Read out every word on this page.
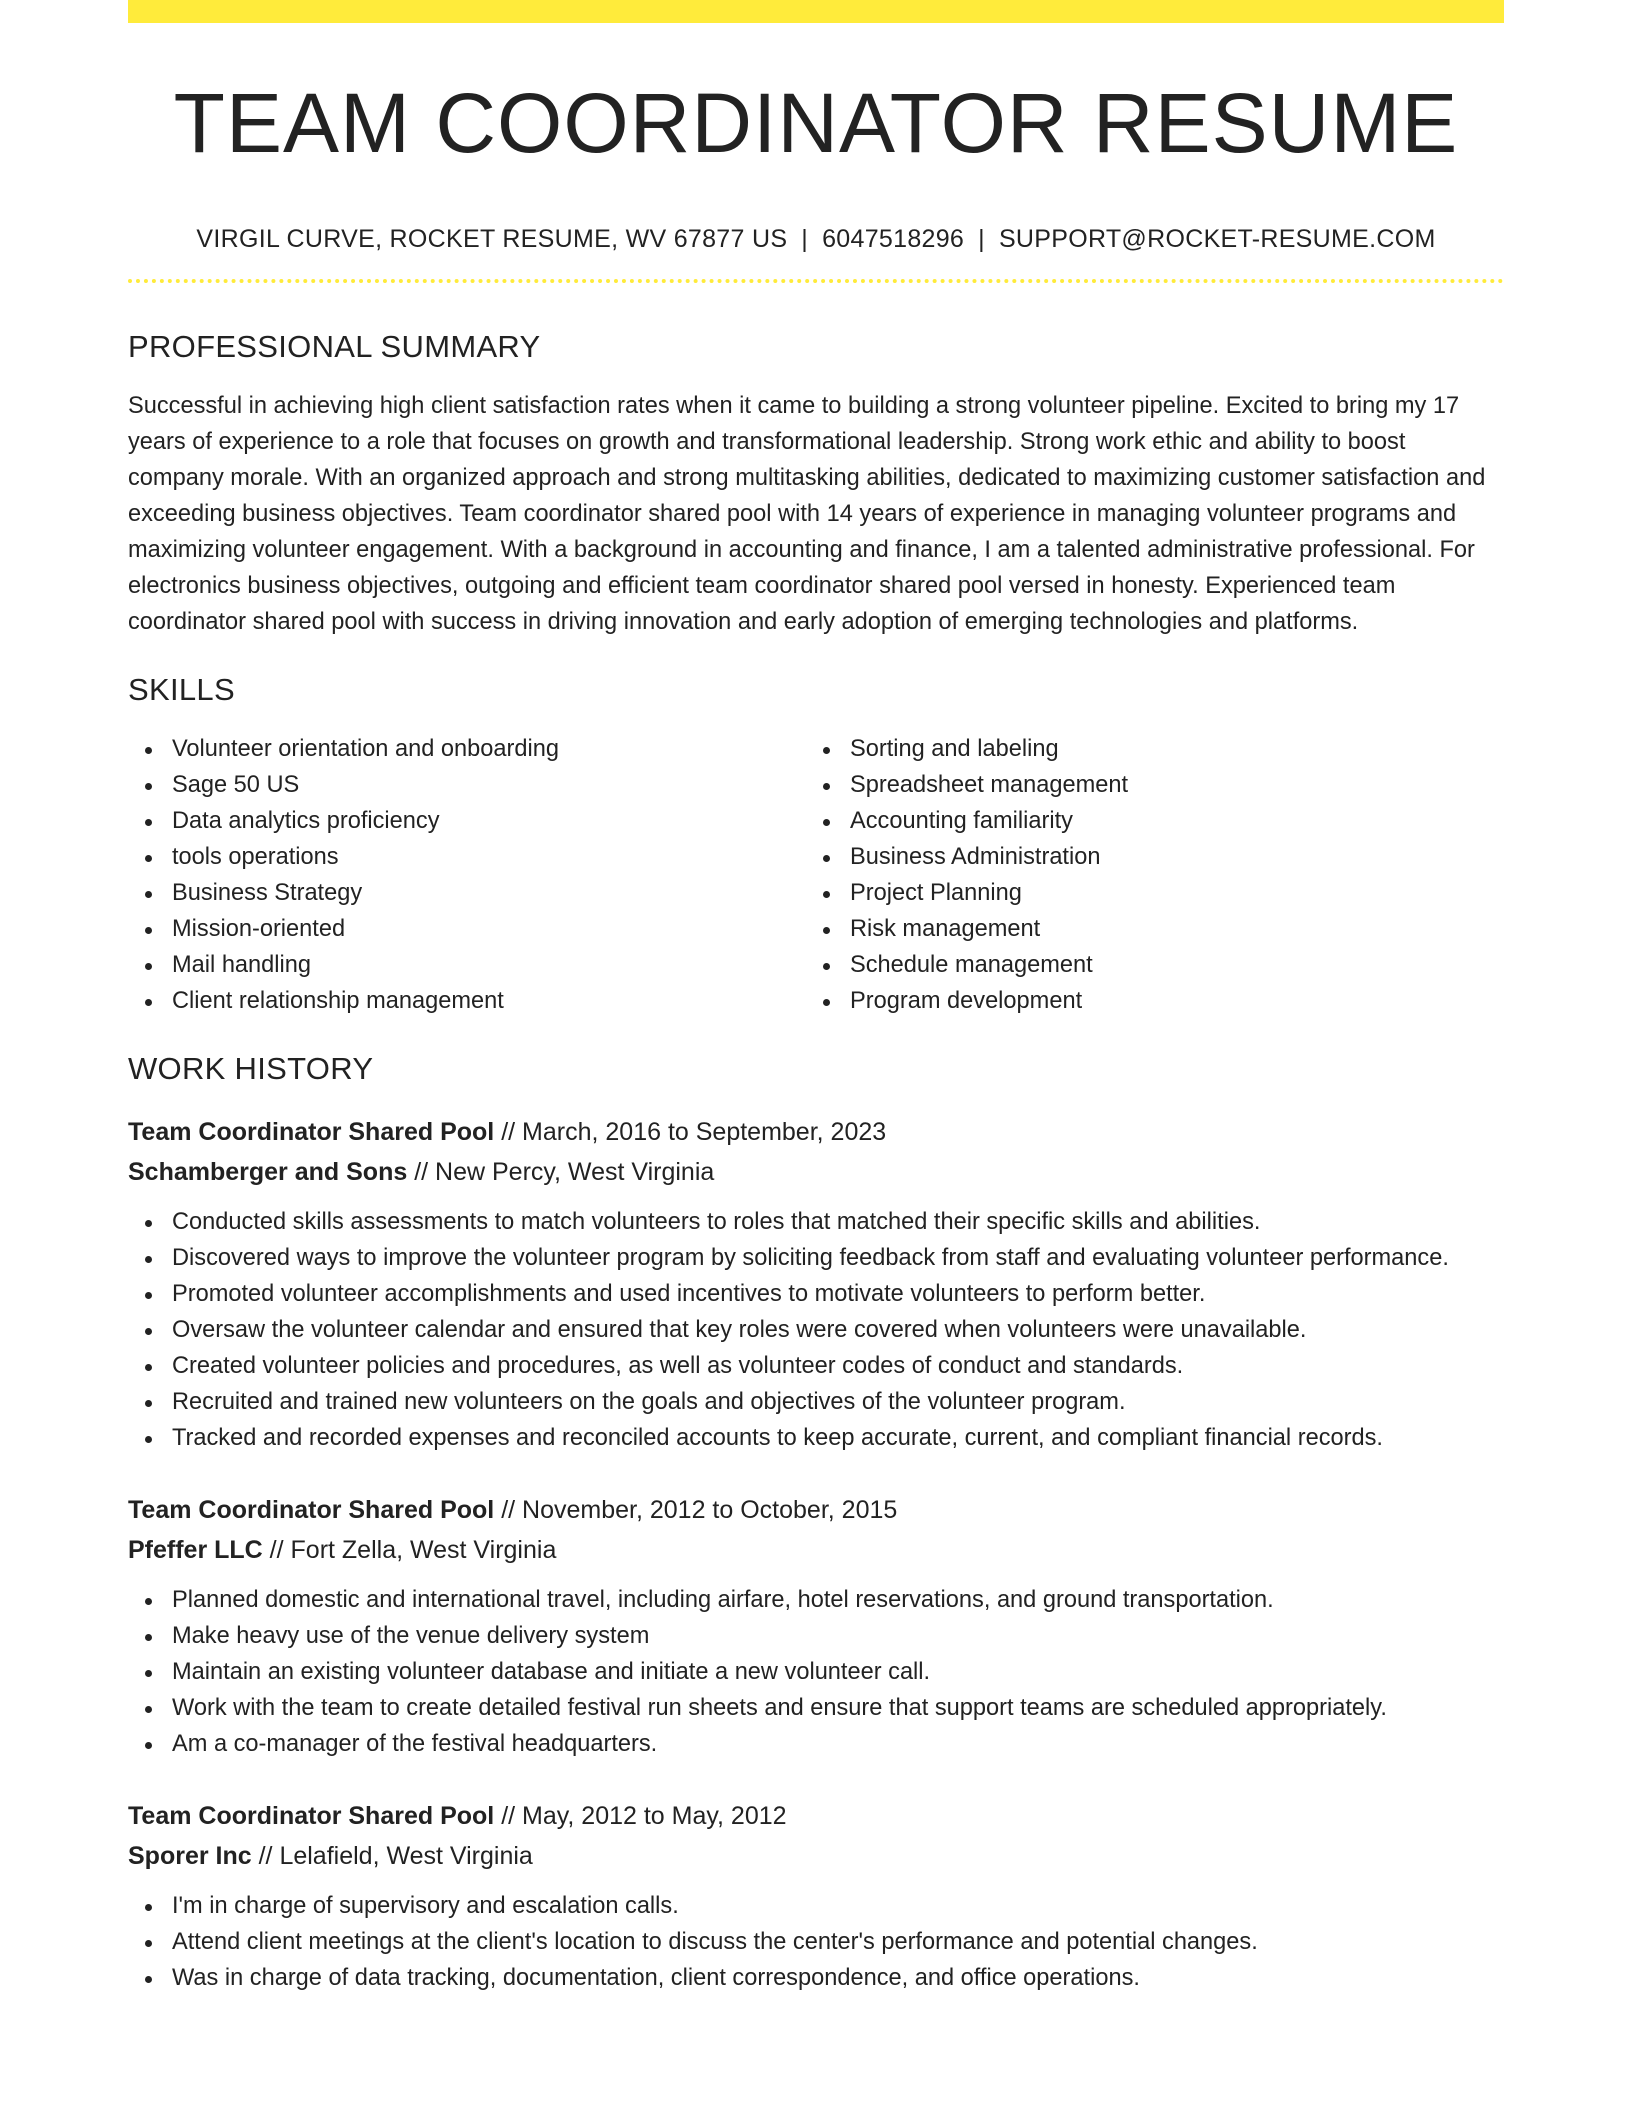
TEAM COORDINATOR RESUME
VIRGIL CURVE, ROCKET RESUME, WV 67877 US | 6047518296 | SUPPORT@ROCKET-RESUME.COM
PROFESSIONAL SUMMARY

Successful in achieving high client satisfaction rates when it came to building a strong volunteer pipeline. Excited to bring my 17 years of experience to a role that focuses on growth and transformational leadership. Strong work ethic and ability to boost company morale. With an organized approach and strong multitasking abilities, dedicated to maximizing customer satisfaction and exceeding business objectives. Team coordinator shared pool with 14 years of experience in managing volunteer programs and maximizing volunteer engagement. With a background in accounting and finance, I am a talented administrative professional. For electronics business objectives, outgoing and efficient team coordinator shared pool versed in honesty. Experienced team coordinator shared pool with success in driving innovation and early adoption of emerging technologies and platforms.

SKILLS
Volunteer orientation and onboarding
Sage 50 US
Data analytics proficiency
tools operations
Business Strategy
Mission-oriented
Mail handling
Client relationship management
Sorting and labeling
Spreadsheet management
Accounting familiarity
Business Administration
Project Planning
Risk management
Schedule management
Program development
WORK HISTORY
Team Coordinator Shared Pool // March, 2016 to September, 2023
Schamberger and Sons // New Percy, West Virginia
Conducted skills assessments to match volunteers to roles that matched their specific skills and abilities.
Discovered ways to improve the volunteer program by soliciting feedback from staff and evaluating volunteer performance.
Promoted volunteer accomplishments and used incentives to motivate volunteers to perform better.
Oversaw the volunteer calendar and ensured that key roles were covered when volunteers were unavailable.
Created volunteer policies and procedures, as well as volunteer codes of conduct and standards.
Recruited and trained new volunteers on the goals and objectives of the volunteer program.
Tracked and recorded expenses and reconciled accounts to keep accurate, current, and compliant financial records.
Team Coordinator Shared Pool // November, 2012 to October, 2015
Pfeffer LLC // Fort Zella, West Virginia
Planned domestic and international travel, including airfare, hotel reservations, and ground transportation.
Make heavy use of the venue delivery system
Maintain an existing volunteer database and initiate a new volunteer call.
Work with the team to create detailed festival run sheets and ensure that support teams are scheduled appropriately.
Am a co-manager of the festival headquarters.
Team Coordinator Shared Pool // May, 2012 to May, 2012
Sporer Inc // Lelafield, West Virginia
I'm in charge of supervisory and escalation calls.
Attend client meetings at the client's location to discuss the center's performance and potential changes.
Was in charge of data tracking, documentation, client correspondence, and office operations.
